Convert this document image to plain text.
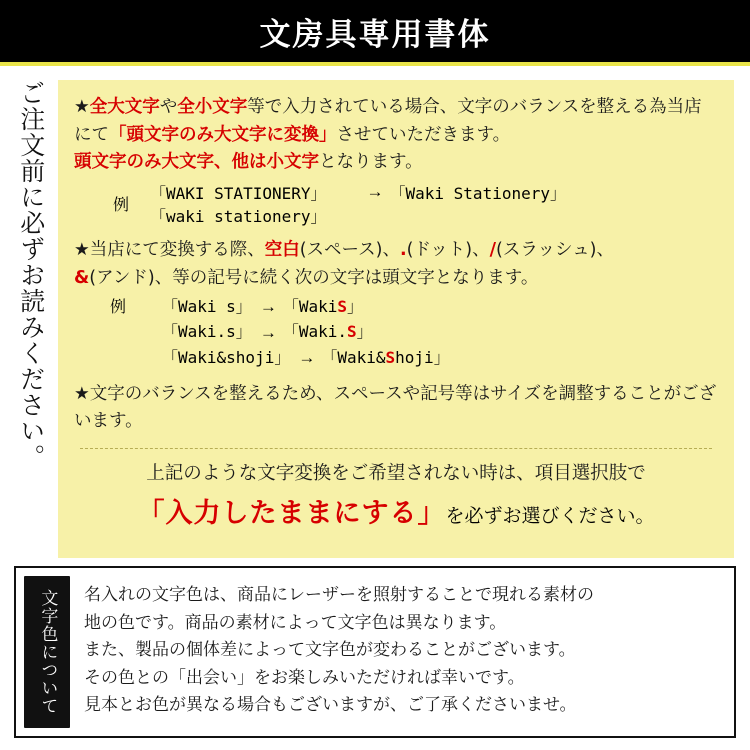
文房具専用書体
ご注文前に必ずお読みください。 ★全大文字や全小文字等で入力されている場合、文字のバランスを整える為当店にて「頭文字のみ大文字に変換」させていただきます。
頭文字のみ大文字、他は小文字となります。
例
「WAKI STATIONERY」	→ 「Waki Stationery」
「waki stationery」
★当店にて変換する際、空白(スペース)、.(ドット)、/(スラッシュ)、
&(アンド)、等の記号に続く次の文字は頭文字となります。
例	「Waki s」 → 「Waki S 」
「Waki.s」 → 「Waki. S 」
「Waki&shoji」 → 「Waki& S hoji」
★文字のバランスを整えるため、スペースや記号等はサイズを調整することがございます。
上記のような文字変換をご希望されない時は、項目選択肢で
「入力したままにする」を必ずお選びください。
文字色について 名入れの文字色は、商品にレーザーを照射することで現れる素材の
地の色です。商品の素材によって文字色は異なります。
また、製品の個体差によって文字色が変わることがございます。
その色との「出会い」をお楽しみいただければ幸いです。
見本とお色が異なる場合もございますが、ご了承くださいませ。
